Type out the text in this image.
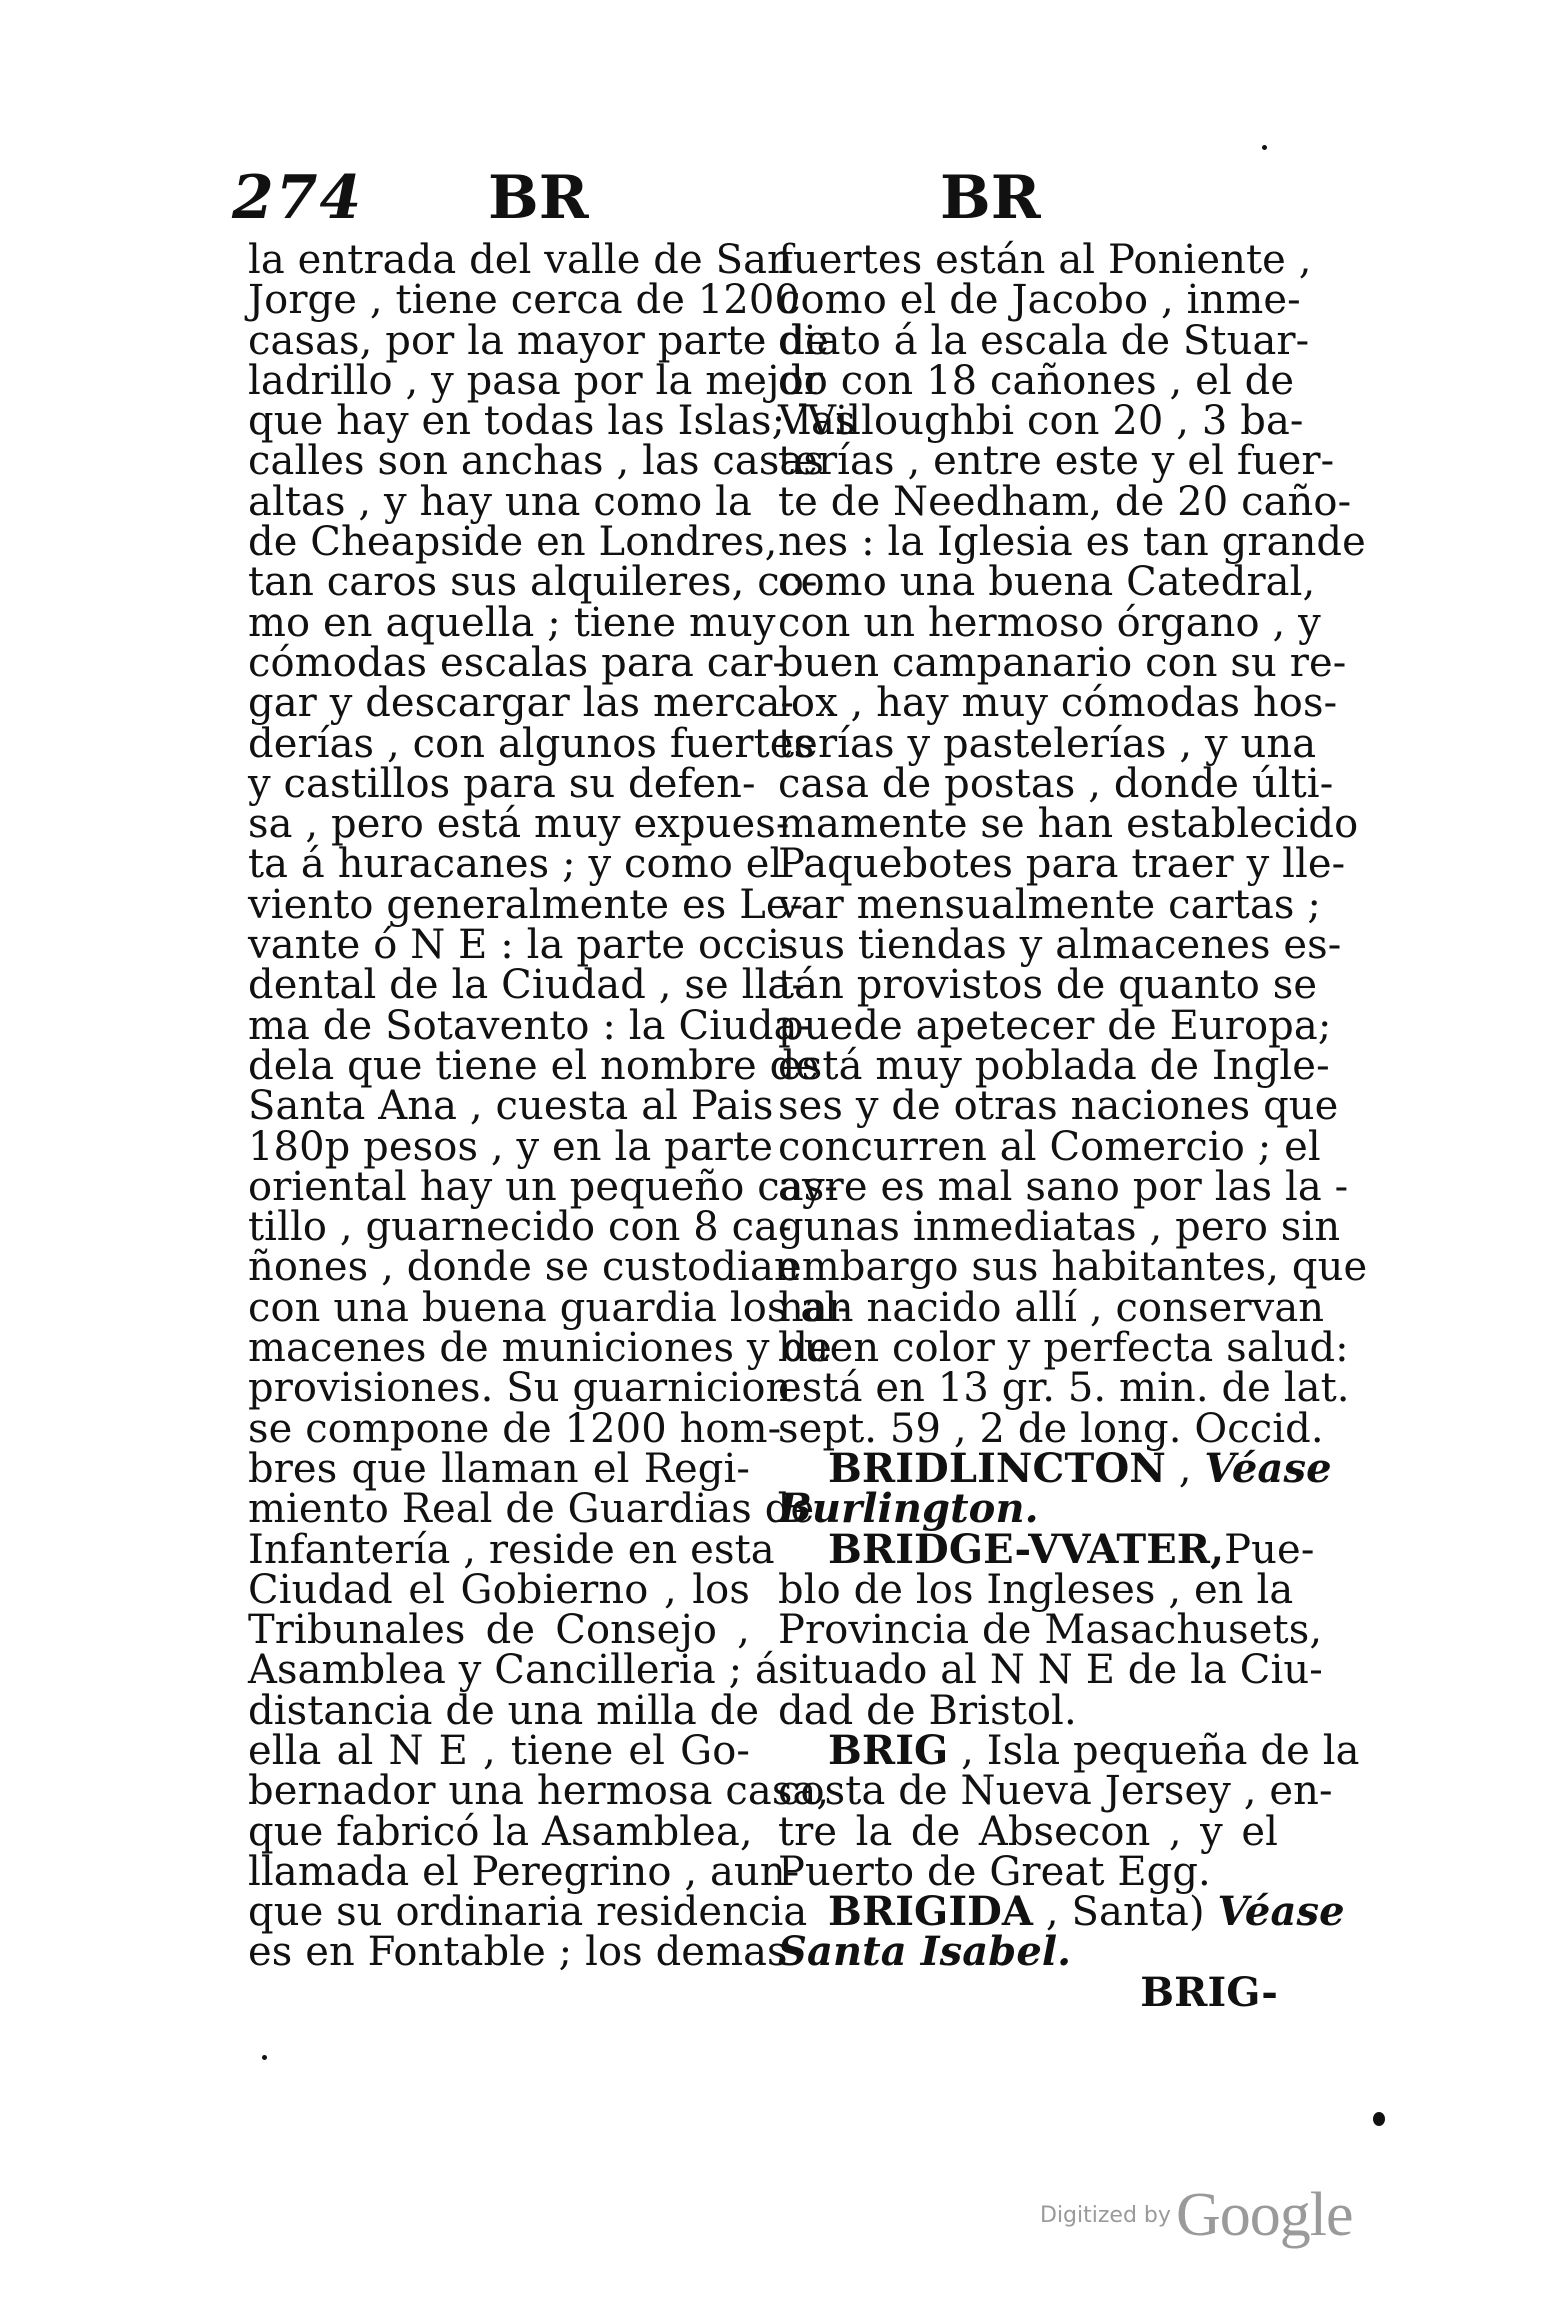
274 BR	BR
la entrada del valle de San
Jorge , tiene cerca de 1200
casas, por la mayor parte de
ladrillo , y pasa por la mejor
que hay en todas las Islas; las
calles son anchas , las casas
altas , y hay una como la
de Cheapside en Londres,
tan caros sus alquileres, co-
mo en aquella ; tiene muy
cómodas escalas para car-
gar y descargar las merca-
derías , con algunos fuertes
y castillos para su defen-
sa , pero está muy expues-
ta á huracanes ; y como el
viento generalmente es Le-
vante ó N E : la parte occi-
dental de la Ciudad , se lla-
ma de Sotavento : la Ciuda-
dela que tiene el nombre de
Santa Ana , cuesta al Pais
180p pesos , y en la parte
oriental hay un pequeño cas-
tillo , guarnecido con 8 ca-
ñones , donde se custodian
con una buena guardia los al-
macenes de municiones y de
provisiones. Su guarnicion
se compone de 1200 hom-
bres que llaman el Regi-
miento Real de Guardias de
Infantería , reside en esta
Ciudad el Gobierno , los
Tribunales de Consejo ,
Asamblea y Cancilleria ; á
distancia de una milla de
ella al N E , tiene el Go-
bernador una hermosa casa,
que fabricó la Asamblea,
llamada el Peregrino , aun-
que su ordinaria residencia
es en Fontable ; los demas
fuertes están al Poniente ,
como el de Jacobo , inme-
diato á la escala de Stuar-
do con 18 cañones , el de
VVilloughbi con 20 , 3 ba-
terías , entre este y el fuer-
te de Needham, de 20 caño-
nes : la Iglesia es tan grande
como una buena Catedral,
con un hermoso órgano , y
buen campanario con su re-
lox , hay muy cómodas hos-
terías y pastelerías , y una
casa de postas , donde últi-
mamente se han establecido
Paquebotes para traer y lle-
var mensualmente cartas ;
sus tiendas y almacenes es-
tán provistos de quanto se
puede apetecer de Europa;
está muy poblada de Ingle-
ses y de otras naciones que
concurren al Comercio ; el
ayre es mal sano por las la -
gunas inmediatas , pero sin
embargo sus habitantes, que
han nacido allí , conservan
buen color y perfecta salud:
está en 13 gr. 5. min. de lat.
sept. 59 , 2 de long. Occid.
BRIDLINCTON , Véase
Burlington.
BRIDGE-VVATER,Pue-
blo de los Ingleses , en la
Provincia de Masachusets,
situado al N N E de la Ciu-
dad de Bristol.
BRIG , Isla pequeña de la
costa de Nueva Jersey , en-
tre la de Absecon , y el
Puerto de Great Egg.
BRIGIDA , Santa) Véase
Santa Isabel.
BRIG-
Digitized by Google
